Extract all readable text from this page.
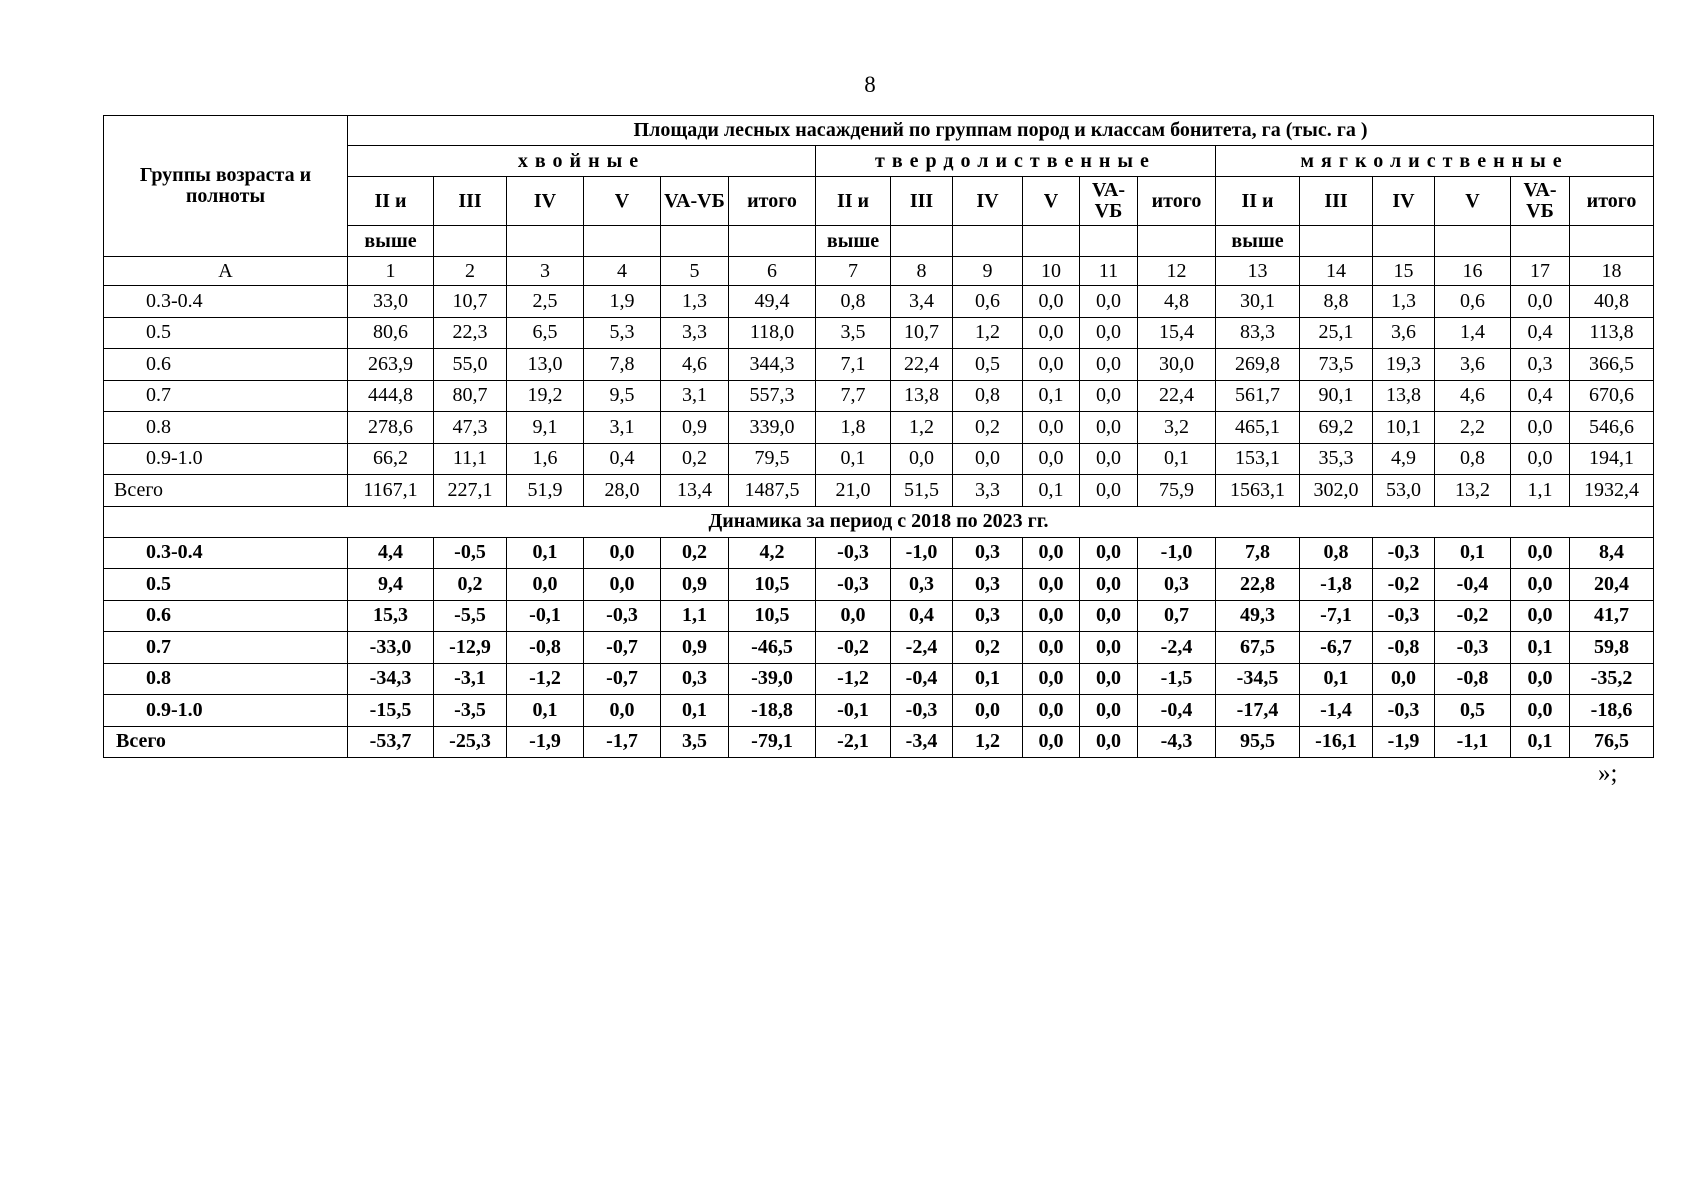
8
Группы возраста и полноты	Площади лесных насаждений по группам пород и классам бонитета, га (тыс. га )																	
	хвойные						твердолиственные						мягколиственные					
	II и	III	IV	V	VA-VБ	итого	II и	III	IV	V	VA-VБ	итого	II и	III	IV	V	VA-VБ	итого
	выше						выше						выше					
А	1	2	3	4	5	6	7	8	9	10	11	12	13	14	15	16	17	18
0.3-0.4	33,0	10,7	2,5	1,9	1,3	49,4	0,8	3,4	0,6	0,0	0,0	4,8	30,1	8,8	1,3	0,6	0,0	40,8
0.5	80,6	22,3	6,5	5,3	3,3	118,0	3,5	10,7	1,2	0,0	0,0	15,4	83,3	25,1	3,6	1,4	0,4	113,8
0.6	263,9	55,0	13,0	7,8	4,6	344,3	7,1	22,4	0,5	0,0	0,0	30,0	269,8	73,5	19,3	3,6	0,3	366,5
0.7	444,8	80,7	19,2	9,5	3,1	557,3	7,7	13,8	0,8	0,1	0,0	22,4	561,7	90,1	13,8	4,6	0,4	670,6
0.8	278,6	47,3	9,1	3,1	0,9	339,0	1,8	1,2	0,2	0,0	0,0	3,2	465,1	69,2	10,1	2,2	0,0	546,6
0.9-1.0	66,2	11,1	1,6	0,4	0,2	79,5	0,1	0,0	0,0	0,0	0,0	0,1	153,1	35,3	4,9	0,8	0,0	194,1
Всего	1167,1	227,1	51,9	28,0	13,4	1487,5	21,0	51,5	3,3	0,1	0,0	75,9	1563,1	302,0	53,0	13,2	1,1	1932,4
Динамика за период с 2018 по 2023 гг.																		
0.3-0.4	4,4	-0,5	0,1	0,0	0,2	4,2	-0,3	-1,0	0,3	0,0	0,0	-1,0	7,8	0,8	-0,3	0,1	0,0	8,4
0.5	9,4	0,2	0,0	0,0	0,9	10,5	-0,3	0,3	0,3	0,0	0,0	0,3	22,8	-1,8	-0,2	-0,4	0,0	20,4
0.6	15,3	-5,5	-0,1	-0,3	1,1	10,5	0,0	0,4	0,3	0,0	0,0	0,7	49,3	-7,1	-0,3	-0,2	0,0	41,7
0.7	-33,0	-12,9	-0,8	-0,7	0,9	-46,5	-0,2	-2,4	0,2	0,0	0,0	-2,4	67,5	-6,7	-0,8	-0,3	0,1	59,8
0.8	-34,3	-3,1	-1,2	-0,7	0,3	-39,0	-1,2	-0,4	0,1	0,0	0,0	-1,5	-34,5	0,1	0,0	-0,8	0,0	-35,2
0.9-1.0	-15,5	-3,5	0,1	0,0	0,1	-18,8	-0,1	-0,3	0,0	0,0	0,0	-0,4	-17,4	-1,4	-0,3	0,5	0,0	-18,6
Всего	-53,7	-25,3	-1,9	-1,7	3,5	-79,1	-2,1	-3,4	1,2	0,0	0,0	-4,3	95,5	-16,1	-1,9	-1,1	0,1	76,5
»;
